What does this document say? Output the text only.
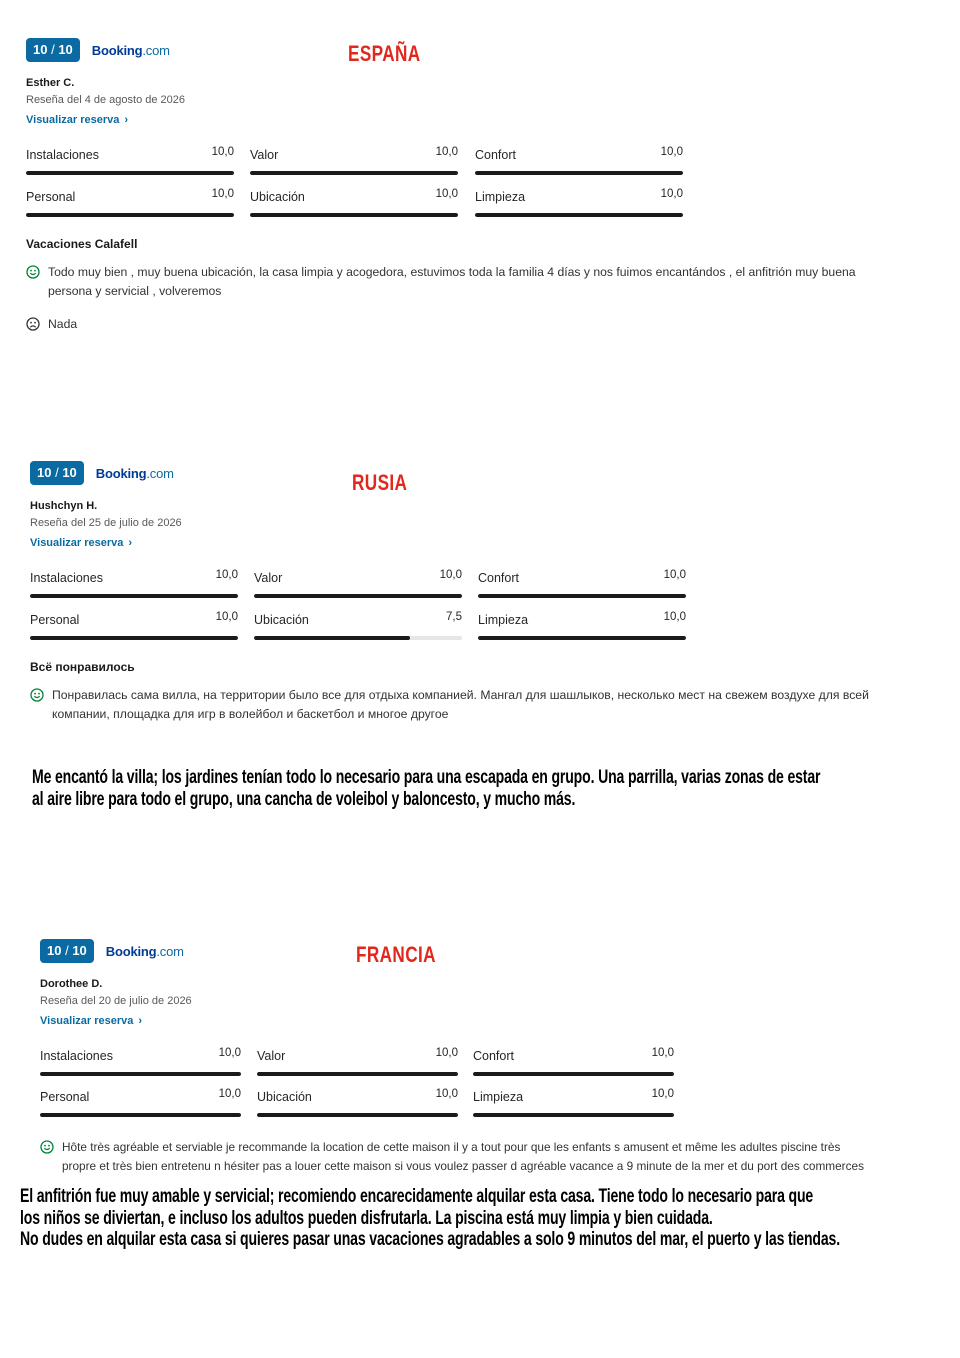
10 / 10	Booking.com	ESPAÑA
Esther C.
Reseña del 4 de agosto de 2026
Visualizar reserva ›
Instalaciones	10,0 Valor	10,0 Confort	10,0
Personal	10,0 Ubicación	10,0 Limpieza	10,0
Vacaciones Calafell
Todo muy bien , muy buena ubicación, la casa limpia y acogedora, estuvimos toda la familia 4 días y nos fuimos encantándos , el anfitrión muy buena
persona y servicial , volveremos
Nada
10 / 10	Booking.com	RUSIA
Hushchyn H.
Reseña del 25 de julio de 2026
Visualizar reserva ›
Instalaciones	10,0 Valor	10,0 Confort	10,0
Personal	10,0 Ubicación	7,5 Limpieza	10,0
Всё понравилось
Понравилась сама вилла, на территории было все для отдыха компанией. Мангал для шашлыков, несколько мест на свежем воздухе для всей
компании, площадка для игр в волейбол и баскетбол и многое другое
Me encantó la villa; los jardines tenían todo lo necesario para una escapada en grupo. Una parrilla, varias zonas de estar
al aire libre para todo el grupo, una cancha de voleibol y baloncesto, y mucho más.
10 / 10	Booking.com	FRANCIA
Dorothee D.
Reseña del 20 de julio de 2026
Visualizar reserva ›
Instalaciones	10,0 Valor	10,0 Confort	10,0
Personal	10,0 Ubicación	10,0 Limpieza	10,0
Hôte très agréable et serviable je recommande la location de cette maison il y a tout pour que les enfants s amusent et même les adultes piscine très
propre et très bien entretenu n hésiter pas a louer cette maison si vous voulez passer d agréable vacance a 9 minute de la mer et du port des commerces
El anfitrión fue muy amable y servicial; recomiendo encarecidamente alquilar esta casa. Tiene todo lo necesario para que
los niños se diviertan, e incluso los adultos pueden disfrutarla. La piscina está muy limpia y bien cuidada.
No dudes en alquilar esta casa si quieres pasar unas vacaciones agradables a solo 9 minutos del mar, el puerto y las tiendas.
